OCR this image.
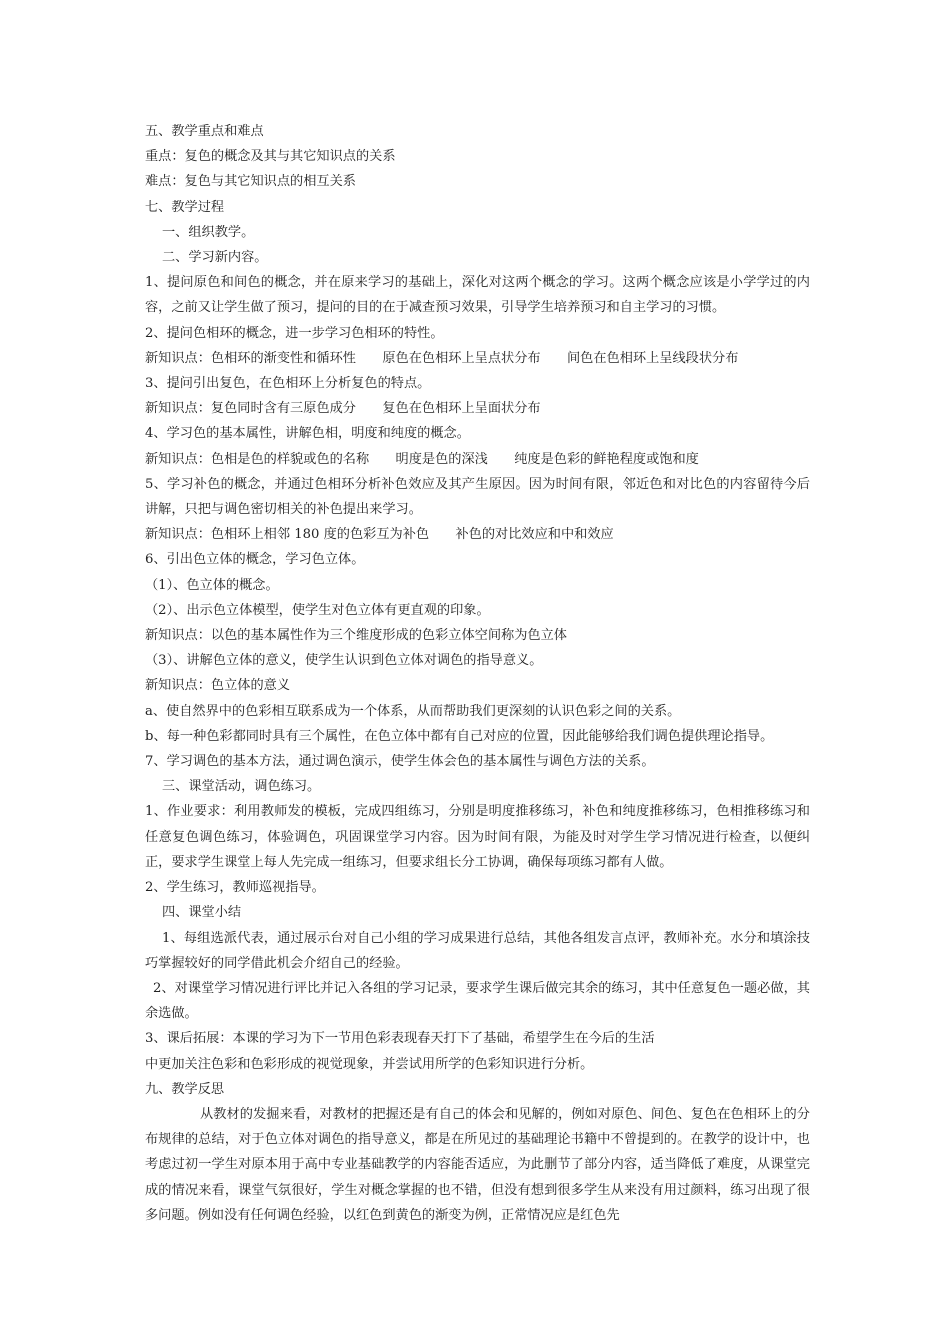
五、教学重点和难点
重点：复色的概念及其与其它知识点的关系
难点：复色与其它知识点的相互关系
七、教学过程
一、组织教学。
二、学习新内容。
1、提问原色和间色的概念，并在原来学习的基础上，深化对这两个概念的学习。这两个概念应该是小学学过的内容，之前又让学生做了预习，提问的目的在于减查预习效果，引导学生培养预习和自主学习的习惯。
2、提问色相环的概念，进一步学习色相环的特性。
新知识点：色相环的渐变性和循环性　　原色在色相环上呈点状分布　　间色在色相环上呈线段状分布
3、提问引出复色，在色相环上分析复色的特点。
新知识点：复色同时含有三原色成分　　复色在色相环上呈面状分布
4、学习色的基本属性，讲解色相，明度和纯度的概念。
新知识点：色相是色的样貌或色的名称　　明度是色的深浅　　纯度是色彩的鲜艳程度或饱和度
5、学习补色的概念，并通过色相环分析补色效应及其产生原因。因为时间有限，邻近色和对比色的内容留待今后讲解，只把与调色密切相关的补色提出来学习。
新知识点：色相环上相邻 180 度的色彩互为补色　　补色的对比效应和中和效应
6、引出色立体的概念，学习色立体。
（1）、色立体的概念。
（2）、出示色立体模型，使学生对色立体有更直观的印象。
新知识点：以色的基本属性作为三个维度形成的色彩立体空间称为色立体
（3）、讲解色立体的意义，使学生认识到色立体对调色的指导意义。
新知识点：色立体的意义
a、使自然界中的色彩相互联系成为一个体系，从而帮助我们更深刻的认识色彩之间的关系。
b、每一种色彩都同时具有三个属性，在色立体中都有自己对应的位置，因此能够给我们调色提供理论指导。
7、学习调色的基本方法，通过调色演示，使学生体会色的基本属性与调色方法的关系。
三、课堂活动，调色练习。
1、作业要求：利用教师发的模板，完成四组练习，分别是明度推移练习，补色和纯度推移练习，色相推移练习和任意复色调色练习，体验调色，巩固课堂学习内容。因为时间有限，为能及时对学生学习情况进行检查，以便纠正，要求学生课堂上每人先完成一组练习，但要求组长分工协调，确保每项练习都有人做。
2、学生练习，教师巡视指导。
四、课堂小结
1、每组选派代表，通过展示台对自己小组的学习成果进行总结，其他各组发言点评，教师补充。水分和填涂技巧掌握较好的同学借此机会介绍自己的经验。
2、对课堂学习情况进行评比并记入各组的学习记录，要求学生课后做完其余的练习，其中任意复色一题必做，其余选做。
3、课后拓展：本课的学习为下一节用色彩表现春天打下了基础，希望学生在今后的生活
中更加关注色彩和色彩形成的视觉现象，并尝试用所学的色彩知识进行分析。
九、教学反思
从教材的发掘来看，对教材的把握还是有自己的体会和见解的，例如对原色、间色、复色在色相环上的分布规律的总结，对于色立体对调色的指导意义，都是在所见过的基础理论书籍中不曾提到的。在教学的设计中，也考虑过初一学生对原本用于高中专业基础教学的内容能否适应，为此删节了部分内容，适当降低了难度，从课堂完成的情况来看，课堂气氛很好，学生对概念掌握的也不错，但没有想到很多学生从来没有用过颜料，练习出现了很多问题。例如没有任何调色经验，以红色到黄色的渐变为例，正常情况应是红色先
